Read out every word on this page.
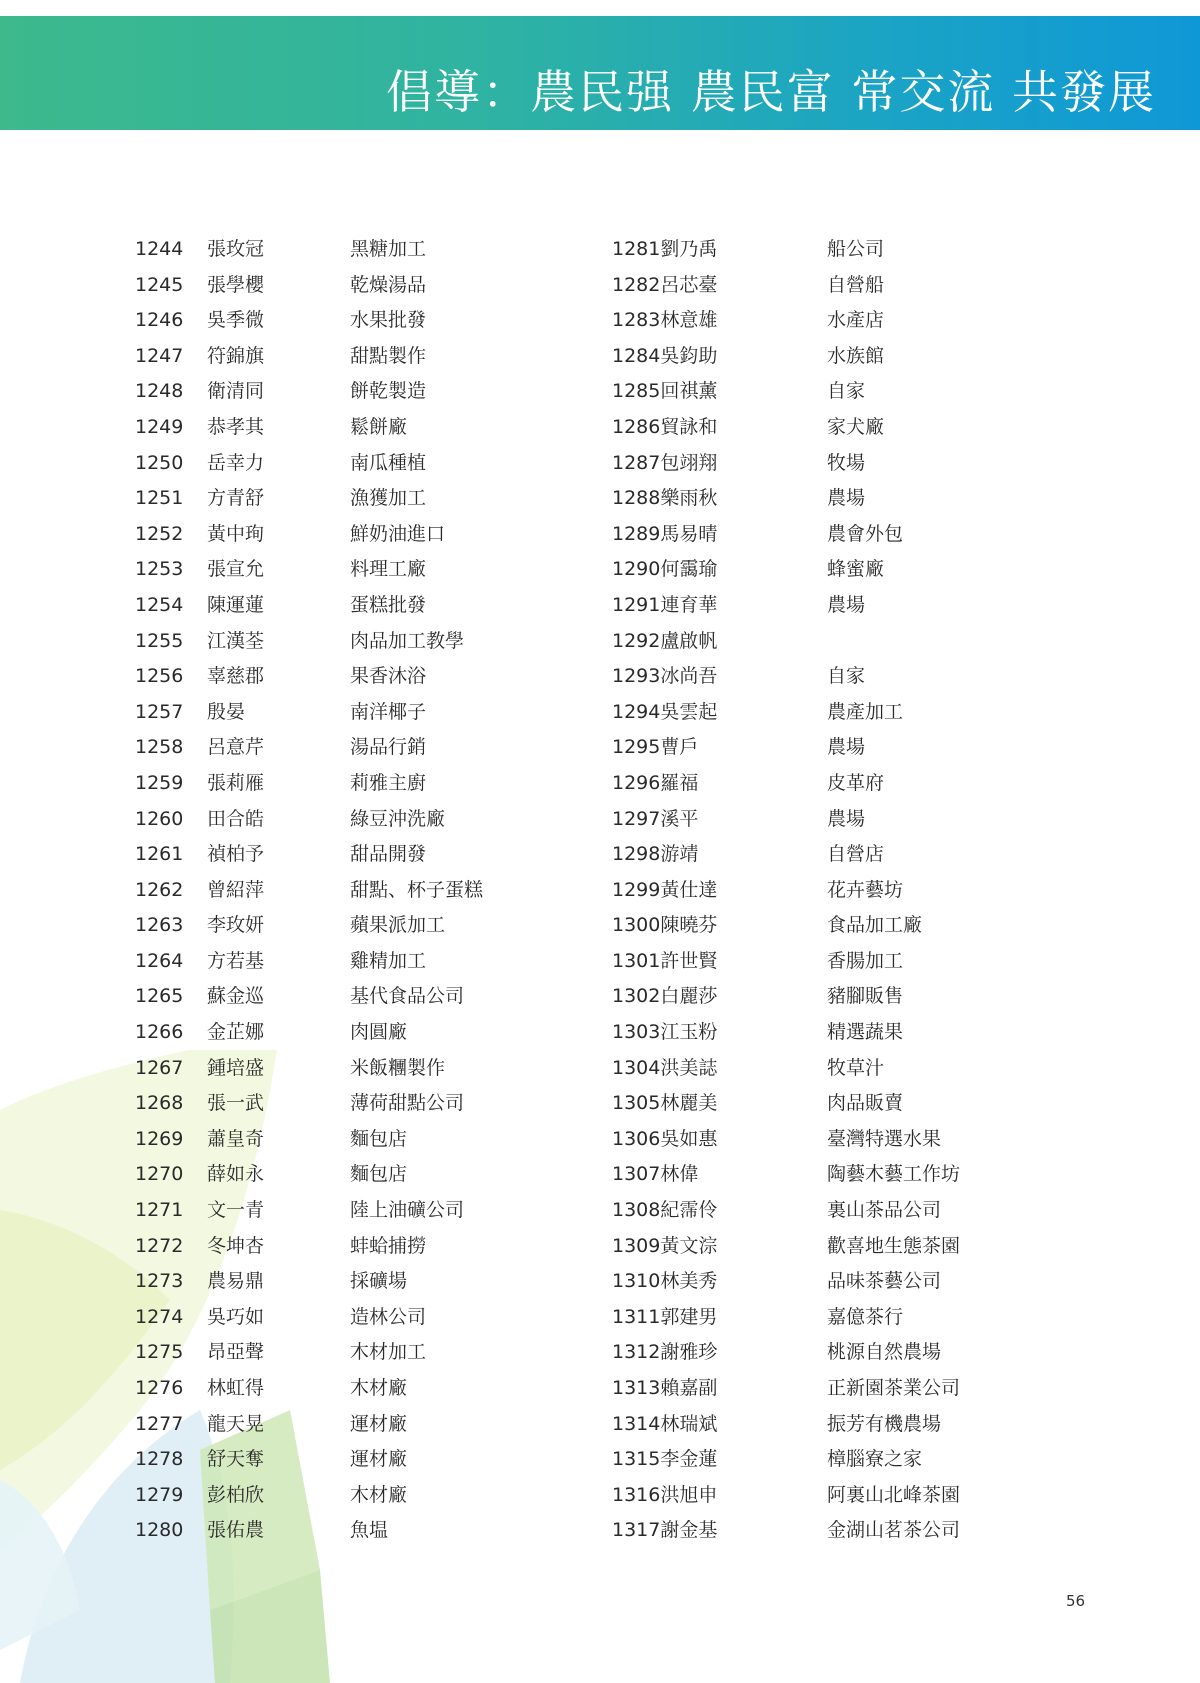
倡導：農民强 農民富 常交流 共發展
1244
1245
1246
1247
1248
1249
1250
1251
1252
1253
1254
1255
1256
1257
1258
1259
1260
1261
1262
1263
1264
1265
1266
1267
1268
1269
1270
1271
1272
1273
1274
1275
1276
1277
1278
1279
1280
張玫冠
張學櫻
吳季微
符錦旗
衛清同
恭孝其
岳幸力
方青舒
黃中珣
張宣允
陳運蓮
江漢荃
辜慈郡
殷晏
呂意芹
張莉雁
田合皓
禎柏予
曾紹萍
李玫妍
方若基
蘇金巡
金芷娜
鍾培盛
張一武
蕭皇奇
薛如永
文一青
冬坤杏
農易鼎
吳巧如
昂亞聲
林虹得
龍天晃
舒天奪
彭柏欣
張佑農
黑糖加工
乾燥湯品
水果批發
甜點製作
餅乾製造
鬆餅廠
南瓜種植
漁獲加工
鮮奶油進口
料理工廠
蛋糕批發
肉品加工教學
果香沐浴
南洋椰子
湯品行銷
莉雅主廚
綠豆沖洗廠
甜品開發
甜點、杯子蛋糕
蘋果派加工
雞精加工
基代食品公司
肉圓廠
米飯糰製作
薄荷甜點公司
麵包店
麵包店
陸上油礦公司
蚌蛤捕撈
採礦場
造林公司
木材加工
木材廠
運材廠
運材廠
木材廠
魚塭
1281劉乃禹
1282呂芯臺
1283林意雄
1284吳鈞助
1285回祺薰
1286貿詠和
1287包翊翔
1288樂雨秋
1289馬易晴
1290何靄瑜
1291連育華
1292盧啟帆
1293冰尚吾
1294吳雲起
1295曹戶
1296羅福
1297溪平
1298游靖
1299黃仕達
1300陳曉芬
1301許世賢
1302白麗莎
1303江玉粉
1304洪美誌
1305林麗美
1306吳如惠
1307林偉
1308紀霈伶
1309黃文淙
1310林美秀
1311郭建男
1312謝雅珍
1313賴嘉副
1314林瑞斌
1315李金蓮
1316洪旭申
1317謝金基
船公司
自營船
水產店
水族館
自家
家犬廠
牧場
農場
農會外包
蜂蜜廠
農場
自家
農產加工
農場
皮革府
農場
自營店
花卉藝坊
食品加工廠
香腸加工
豬腳販售
精選蔬果
牧草汁
肉品販賣
臺灣特選水果
陶藝木藝工作坊
裏山茶品公司
歡喜地生態茶園
品味茶藝公司
嘉億茶行
桃源自然農場
正新園茶業公司
振芳有機農場
樟腦寮之家
阿裏山北峰茶園
金湖山茗茶公司
56
